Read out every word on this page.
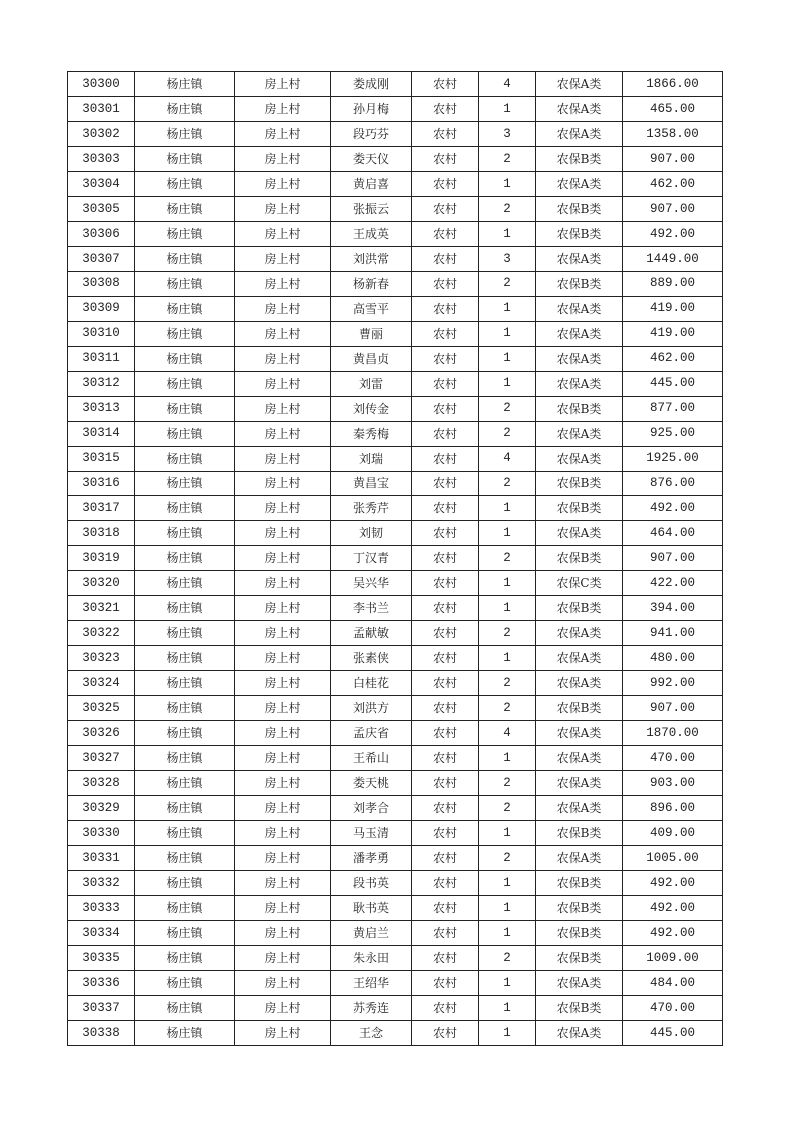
30300	杨庄镇	房上村	娄成刚	农村	4	农保A类	1866.00
30301	杨庄镇	房上村	孙月梅	农村	1	农保A类	465.00
30302	杨庄镇	房上村	段巧芬	农村	3	农保A类	1358.00
30303	杨庄镇	房上村	娄天仪	农村	2	农保B类	907.00
30304	杨庄镇	房上村	黄启喜	农村	1	农保A类	462.00
30305	杨庄镇	房上村	张振云	农村	2	农保B类	907.00
30306	杨庄镇	房上村	王成英	农村	1	农保B类	492.00
30307	杨庄镇	房上村	刘洪常	农村	3	农保A类	1449.00
30308	杨庄镇	房上村	杨新春	农村	2	农保B类	889.00
30309	杨庄镇	房上村	高雪平	农村	1	农保A类	419.00
30310	杨庄镇	房上村	曹丽	农村	1	农保A类	419.00
30311	杨庄镇	房上村	黄昌贞	农村	1	农保A类	462.00
30312	杨庄镇	房上村	刘雷	农村	1	农保A类	445.00
30313	杨庄镇	房上村	刘传金	农村	2	农保B类	877.00
30314	杨庄镇	房上村	秦秀梅	农村	2	农保A类	925.00
30315	杨庄镇	房上村	刘瑞	农村	4	农保A类	1925.00
30316	杨庄镇	房上村	黄昌宝	农村	2	农保B类	876.00
30317	杨庄镇	房上村	张秀芹	农村	1	农保B类	492.00
30318	杨庄镇	房上村	刘韧	农村	1	农保A类	464.00
30319	杨庄镇	房上村	丁汉青	农村	2	农保B类	907.00
30320	杨庄镇	房上村	吴兴华	农村	1	农保C类	422.00
30321	杨庄镇	房上村	李书兰	农村	1	农保B类	394.00
30322	杨庄镇	房上村	孟献敏	农村	2	农保A类	941.00
30323	杨庄镇	房上村	张素侠	农村	1	农保A类	480.00
30324	杨庄镇	房上村	白桂花	农村	2	农保A类	992.00
30325	杨庄镇	房上村	刘洪方	农村	2	农保B类	907.00
30326	杨庄镇	房上村	孟庆省	农村	4	农保A类	1870.00
30327	杨庄镇	房上村	王希山	农村	1	农保A类	470.00
30328	杨庄镇	房上村	娄天桃	农村	2	农保A类	903.00
30329	杨庄镇	房上村	刘孝合	农村	2	农保A类	896.00
30330	杨庄镇	房上村	马玉清	农村	1	农保B类	409.00
30331	杨庄镇	房上村	潘孝勇	农村	2	农保A类	1005.00
30332	杨庄镇	房上村	段书英	农村	1	农保B类	492.00
30333	杨庄镇	房上村	耿书英	农村	1	农保B类	492.00
30334	杨庄镇	房上村	黄启兰	农村	1	农保B类	492.00
30335	杨庄镇	房上村	朱永田	农村	2	农保B类	1009.00
30336	杨庄镇	房上村	王绍华	农村	1	农保A类	484.00
30337	杨庄镇	房上村	苏秀连	农村	1	农保B类	470.00
30338	杨庄镇	房上村	王念	农村	1	农保A类	445.00
